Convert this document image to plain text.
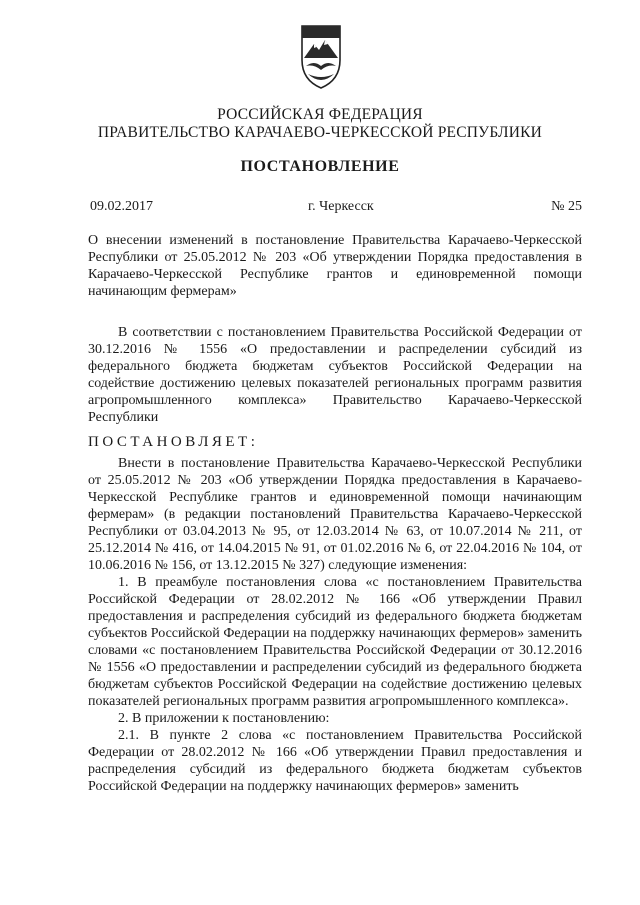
РОССИЙСКАЯ ФЕДЕРАЦИЯ
ПРАВИТЕЛЬСТВО КАРАЧАЕВО-ЧЕРКЕССКОЙ РЕСПУБЛИКИ
ПОСТАНОВЛЕНИЕ
09.02.2017	г. Черкесск	№ 25

О внесении изменений в постановление Правительства Карачаево-Черкесской Республики от 25.05.2012 № 203 «Об утверждении Порядка предоставления в Карачаево-Черкесской Республике грантов и единовременной помощи начинающим фермерам»

В соответствии с постановлением Правительства Российской Федерации от 30.12.2016 № 1556 «О предоставлении и распределении субсидий из федерального бюджета бюджетам субъектов Российской Федерации на содействие достижению целевых показателей региональных программ развития агропромышленного комплекса» Правительство Карачаево-Черкесской Республики

ПОСТАНОВЛЯЕТ:

Внести в постановление Правительства Карачаево-Черкесской Республики от 25.05.2012 № 203 «Об утверждении Порядка предоставления в Карачаево-Черкесской Республике грантов и единовременной помощи начинающим фермерам» (в редакции постановлений Правительства Карачаево-Черкесской Республики от 03.04.2013 № 95, от 12.03.2014 № 63, от 10.07.2014 № 211, от 25.12.2014 № 416, от 14.04.2015 № 91, от 01.02.2016 № 6, от 22.04.2016 № 104, от 10.06.2016 № 156, от 13.12.2015 № 327) следующие изменения:

1. В преамбуле постановления слова «с постановлением Правительства Российской Федерации от 28.02.2012 № 166 «Об утверждении Правил предоставления и распределения субсидий из федерального бюджета бюджетам субъектов Российской Федерации на поддержку начинающих фермеров» заменить словами «с постановлением Правительства Российской Федерации от 30.12.2016 № 1556 «О предоставлении и распределении субсидий из федерального бюджета бюджетам субъектов Российской Федерации на содействие достижению целевых показателей региональных программ развития агропромышленного комплекса».

2. В приложении к постановлению:

2.1. В пункте 2 слова «с постановлением Правительства Российской Федерации от 28.02.2012 № 166 «Об утверждении Правил предоставления и распределения субсидий из федерального бюджета бюджетам субъектов Российской Федерации на поддержку начинающих фермеров» заменить
